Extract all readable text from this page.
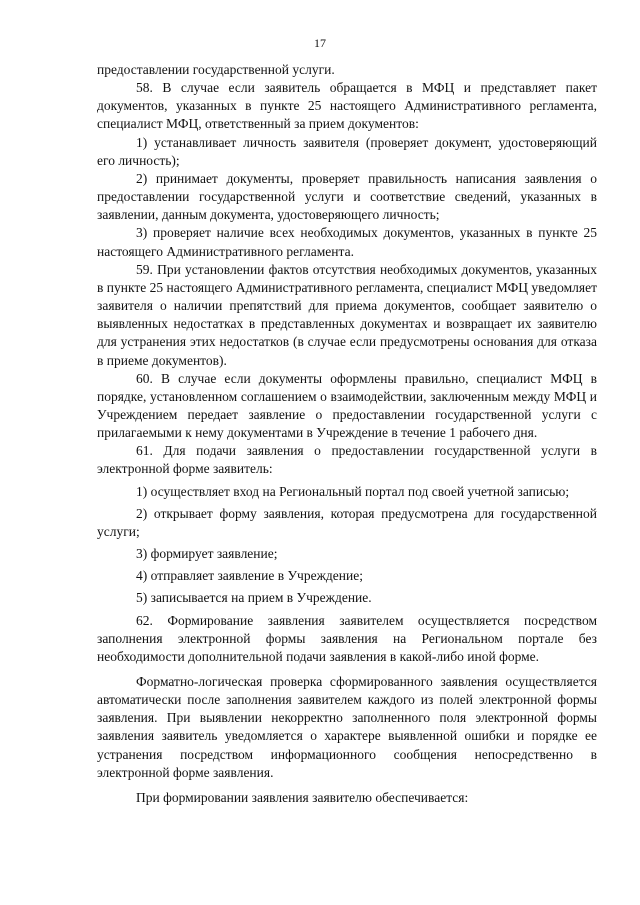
17

предоставлении государственной услуги.

58. В случае если заявитель обращается в МФЦ и представляет пакет документов, указанных в пункте 25 настоящего Административного регламента, специалист МФЦ, ответственный за прием документов:

1) устанавливает личность заявителя (проверяет документ, удостоверяющий его личность);

2) принимает документы, проверяет правильность написания заявления о предоставлении государственной услуги и соответствие сведений, указанных в заявлении, данным документа, удостоверяющего личность;

3) проверяет наличие всех необходимых документов, указанных в пункте 25 настоящего Административного регламента.

59. При установлении фактов отсутствия необходимых документов, указанных в пункте 25 настоящего Административного регламента, специалист МФЦ уведомляет заявителя о наличии препятствий для приема документов, сообщает заявителю о выявленных недостатках в представленных документах и возвращает их заявителю для устранения этих недостатков (в случае если предусмотрены основания для отказа в приеме документов).

60. В случае если документы оформлены правильно, специалист МФЦ в порядке, установленном соглашением о взаимодействии, заключенным между МФЦ и Учреждением передает заявление о предоставлении государственной услуги с прилагаемыми к нему документами в Учреждение в течение 1 рабочего дня.

61. Для подачи заявления о предоставлении государственной услуги в электронной форме заявитель:

1) осуществляет вход на Региональный портал под своей учетной записью;

2) открывает форму заявления, которая предусмотрена для государственной услуги;

3) формирует заявление;

4) отправляет заявление в Учреждение;

5) записывается на прием в Учреждение.

62. Формирование заявления заявителем осуществляется посредством заполнения электронной формы заявления на Региональном портале без необходимости дополнительной подачи заявления в какой-либо иной форме.

Форматно-логическая проверка сформированного заявления осуществляется автоматически после заполнения заявителем каждого из полей электронной формы заявления. При выявлении некорректно заполненного поля электронной формы заявления заявитель уведомляется о характере выявленной ошибки и порядке ее устранения посредством информационного сообщения непосредственно в электронной форме заявления.

При формировании заявления заявителю обеспечивается:
